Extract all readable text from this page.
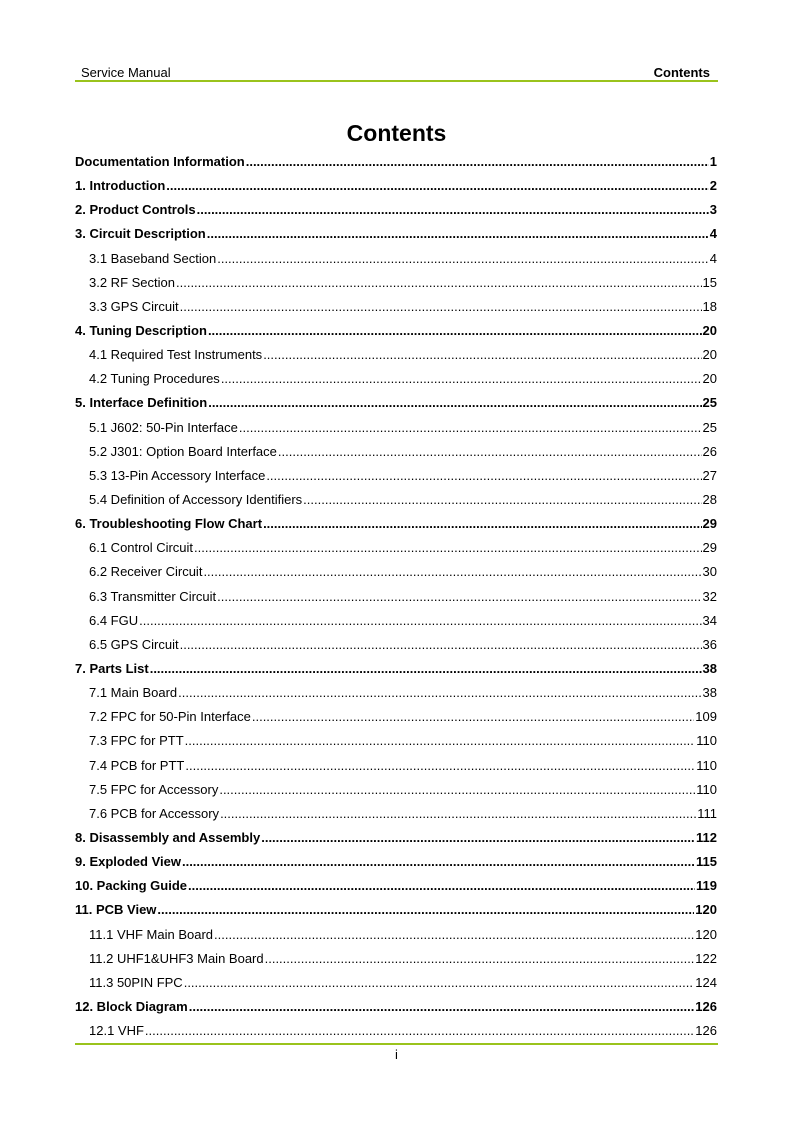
Service Manual	Contents
Contents
Documentation Information .....	1
1. Introduction .....	2
2. Product Controls .....	3
3. Circuit Description .....	4
3.1 Baseband Section .....	4
3.2 RF Section .....	15
3.3 GPS Circuit .....	18
4. Tuning Description .....	20
4.1 Required Test Instruments .....	20
4.2 Tuning Procedures .....	20
5. Interface Definition .....	25
5.1 J602: 50-Pin Interface .....	25
5.2 J301: Option Board Interface .....	26
5.3 13-Pin Accessory Interface .....	27
5.4 Definition of Accessory Identifiers .....	28
6. Troubleshooting Flow Chart .....	29
6.1 Control Circuit .....	29
6.2 Receiver Circuit .....	30
6.3 Transmitter Circuit .....	32
6.4 FGU .....	34
6.5 GPS Circuit .....	36
7. Parts List .....	38
7.1 Main Board .....	38
7.2 FPC for 50-Pin Interface .....	109
7.3 FPC for PTT .....	110
7.4 PCB for PTT .....	110
7.5 FPC for Accessory .....	110
7.6 PCB for Accessory .....	111
8. Disassembly and Assembly .....	112
9. Exploded View .....	115
10. Packing Guide .....	119
11. PCB View .....	120
11.1 VHF Main Board .....	120
11.2 UHF1&UHF3 Main Board .....	122
11.3 50PIN FPC .....	124
12. Block Diagram .....	126
12.1 VHF .....	126
i
